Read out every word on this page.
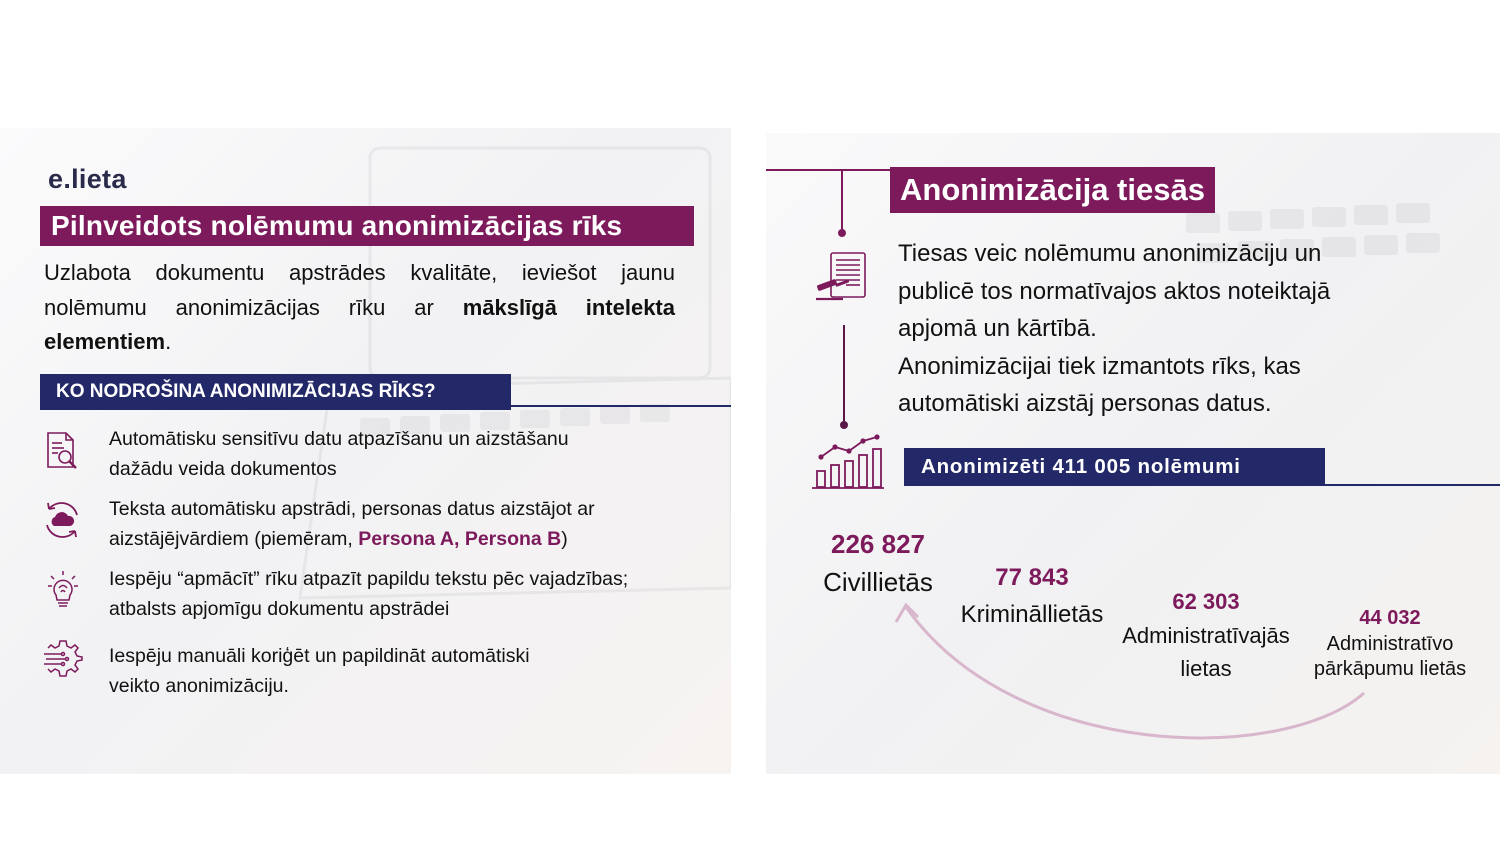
e.lieta
Pilnveidots nolēmumu anonimizācijas rīks
Uzlabota dokumentu apstrādes kvalitāte, ieviešot jaunu nolēmumu anonimizācijas rīku ar mākslīgā intelekta elementiem.
KO NODROŠINA ANONIMIZĀCIJAS RĪKS?
Automātisku sensitīvu datu atpazīšanu un aizstāšanu
dažādu veida dokumentos
Teksta automātisku apstrādi, personas datus aizstājot ar
aizstājējvārdiem (piemēram, Persona A, Persona B)
Iespēju “apmācīt” rīku atpazīt papildu tekstu pēc vajadzības;
atbalsts apjomīgu dokumentu apstrādei
Iespēju manuāli koriģēt un papildināt automātiski
veikto anonimizāciju.
Anonimizācija tiesās
Tiesas veic nolēmumu anonimizāciju un
publicē tos normatīvajos aktos noteiktajā
apjomā un kārtībā.
Anonimizācijai tiek izmantots rīks, kas
automātiski aizstāj personas datus.
Anonimizēti 411 005 nolēmumi
226 827
Civillietās	77 843
Krimināllietās	62 303
Administratīvajās
lietas
44 032
Administratīvo
pārkāpumu lietās
